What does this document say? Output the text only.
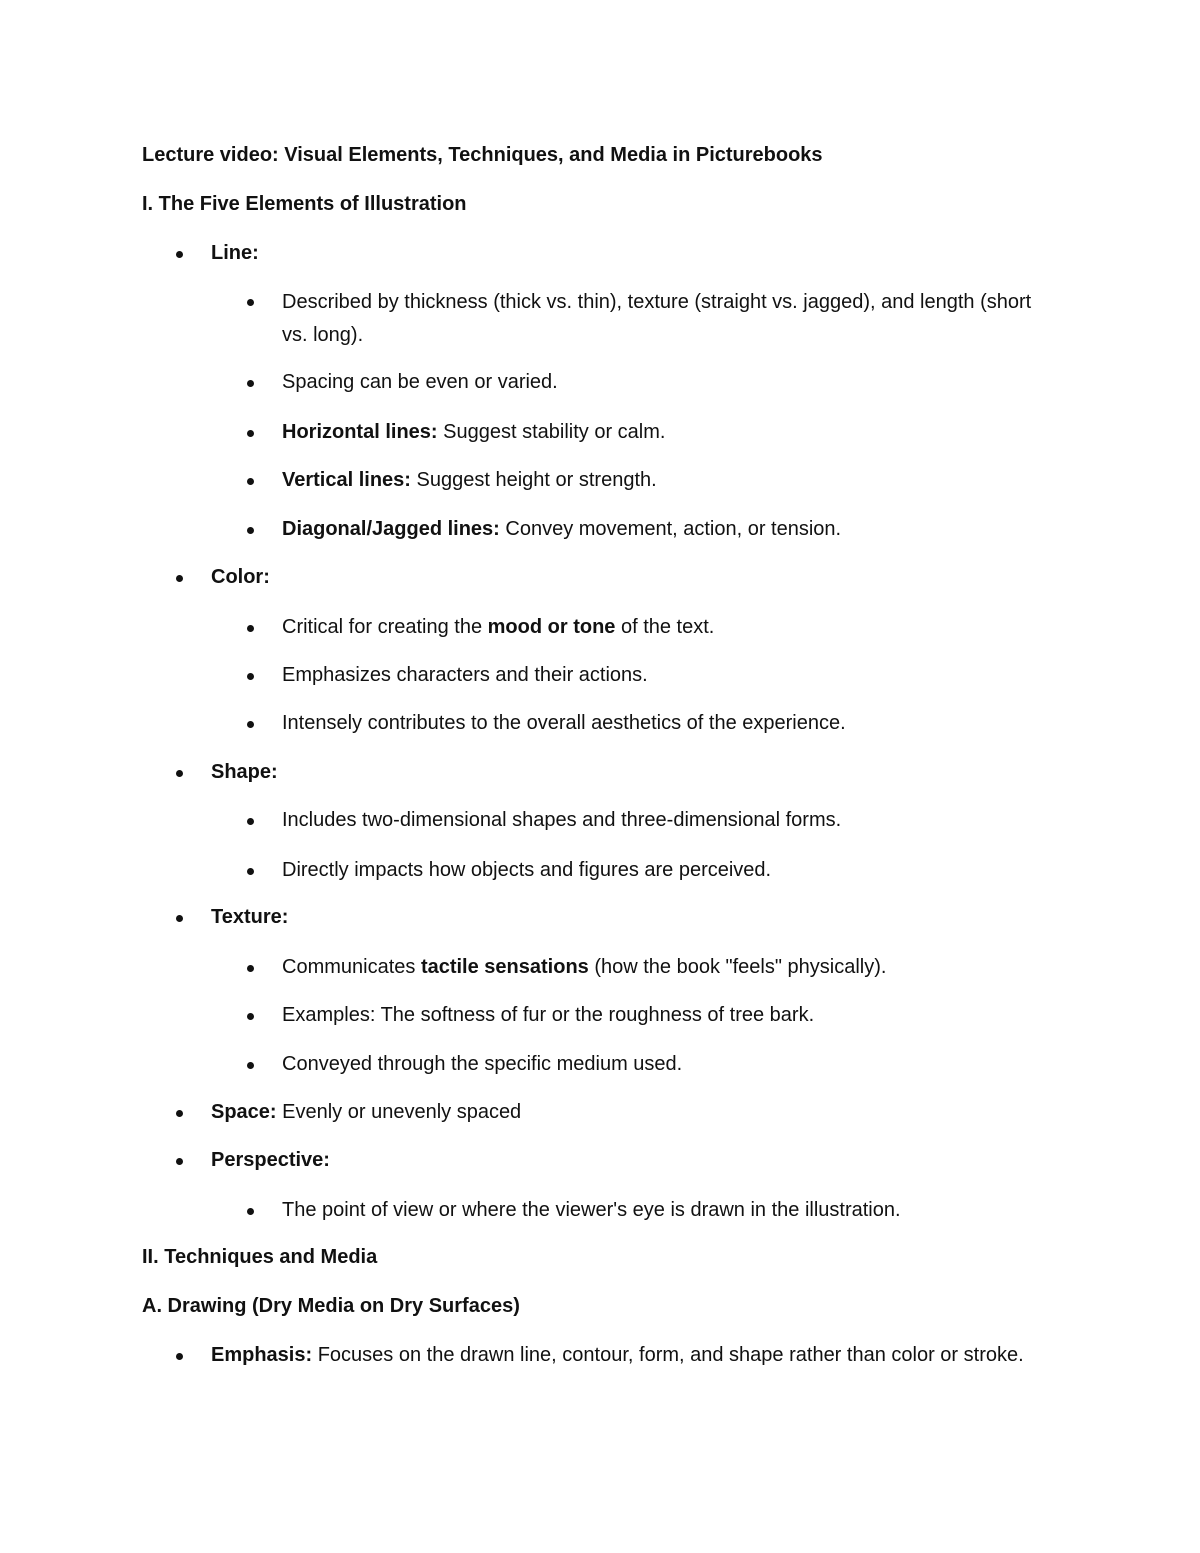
Lecture video: Visual Elements, Techniques, and Media in Picturebooks

I. The Five Elements of Illustration

Line:

Described by thickness (thick vs. thin), texture (straight vs. jagged), and length (short vs. long).

Spacing can be even or varied.

Horizontal lines: Suggest stability or calm.

Vertical lines: Suggest height or strength.

Diagonal/Jagged lines: Convey movement, action, or tension.

Color:

Critical for creating the mood or tone of the text.

Emphasizes characters and their actions.

Intensely contributes to the overall aesthetics of the experience.

Shape:

Includes two-dimensional shapes and three-dimensional forms.

Directly impacts how objects and figures are perceived.

Texture:

Communicates tactile sensations (how the book "feels" physically).

Examples: The softness of fur or the roughness of tree bark.

Conveyed through the specific medium used.

Space: Evenly or unevenly spaced

Perspective:

The point of view or where the viewer's eye is drawn in the illustration.

II. Techniques and Media

A. Drawing (Dry Media on Dry Surfaces)

Emphasis: Focuses on the drawn line, contour, form, and shape rather than color or stroke.
